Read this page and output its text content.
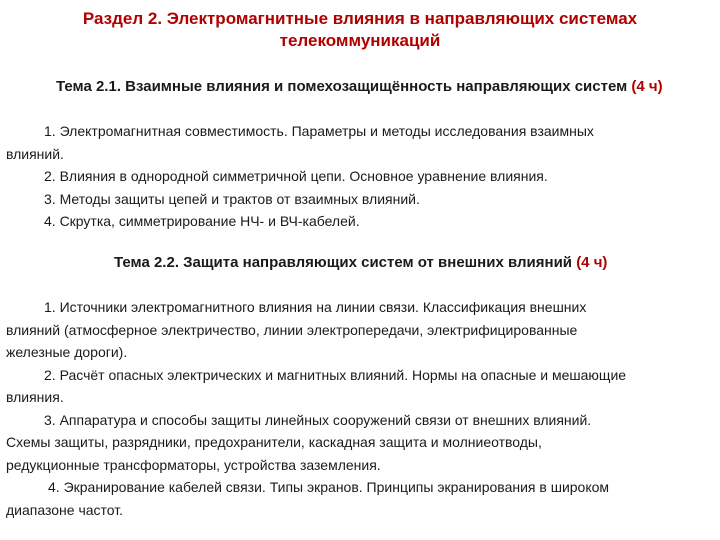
Раздел 2. Электромагнитные влияния в направляющих системах
телекоммуникаций
Тема 2.1. Взаимные влияния и помехозащищённость направляющих систем (4 ч)
1. Электромагнитная совместимость. Параметры и методы исследования взаимных
влияний.
2. Влияния в однородной симметричной цепи. Основное уравнение влияния.
3. Методы защиты цепей и трактов от взаимных влияний.
4. Скрутка, симметрирование НЧ- и ВЧ-кабелей.
Тема 2.2. Защита направляющих систем от внешних влияний (4 ч)
1. Источники электромагнитного влияния на линии связи. Классификация внешних
влияний (атмосферное электричество, линии электропередачи, электрифицированные
железные дороги).
2. Расчёт опасных электрических и магнитных влияний. Нормы на опасные и мешающие
влияния.
3. Аппаратура и способы защиты линейных сооружений связи от внешних влияний.
Схемы защиты, разрядники, предохранители, каскадная защита и молниеотводы,
редукционные трансформаторы, устройства заземления.
4. Экранирование кабелей связи. Типы экранов. Принципы экранирования в широком
диапазоне частот.
